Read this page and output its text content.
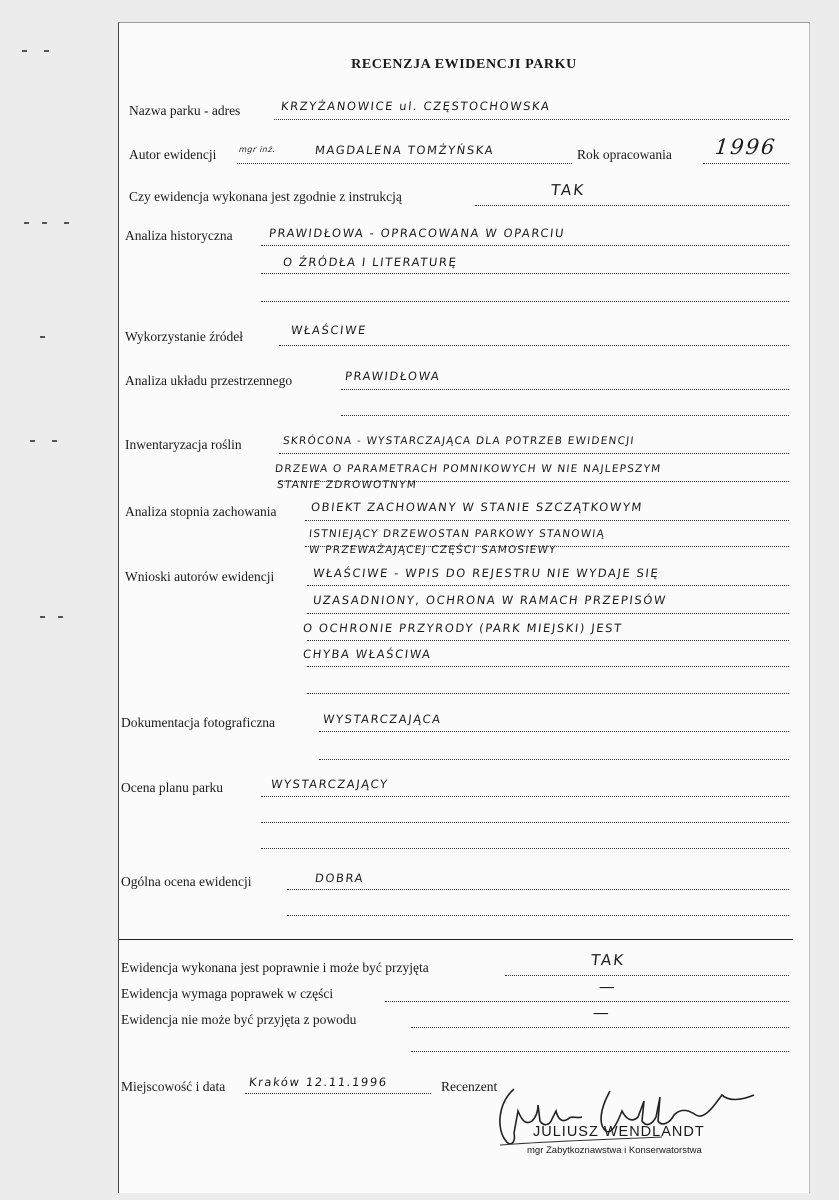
RECENZJA EWIDENCJI PARKU
Nazwa parku - adres	KRZYŻANOWICE ul. CZĘSTOCHOWSKA
Autor ewidencji	mgr inż.	MAGDALENA TOMŻYŃSKA	Rok opracowania 1996
Czy ewidencja wykonana jest zgodnie z instrukcją	TAK
Analiza historyczna	PRAWIDŁOWA - OPRACOWANA W OPARCIU
O ŹRÓDŁA I LITERATURĘ
Wykorzystanie źródeł	WŁAŚCIWE
Analiza układu przestrzennego	PRAWIDŁOWA
Inwentaryzacja roślin	SKRÓCONA - WYSTARCZAJĄCA DLA POTRZEB EWIDENCJI
DRZEWA O PARAMETRACH POMNIKOWYCH W NIE NAJLEPSZYM
STANIE ZDROWOTNYM
Analiza stopnia zachowania	OBIEKT ZACHOWANY W STANIE SZCZĄTKOWYM
ISTNIEJĄCY DRZEWOSTAN PARKOWY STANOWIĄ
W PRZEWAŻAJĄCEJ CZĘŚCI SAMOSIEWY
Wnioski autorów ewidencji	WŁAŚCIWE - WPIS DO REJESTRU NIE WYDAJE SIĘ
UZASADNIONY, OCHRONA W RAMACH PRZEPISÓW
O OCHRONIE PRZYRODY (PARK MIEJSKI) JEST
CHYBA WŁAŚCIWA
Dokumentacja fotograficzna	WYSTARCZAJĄCA
Ocena planu parku	WYSTARCZAJĄCY
Ogólna ocena ewidencji	DOBRA
Ewidencja wykonana jest poprawnie i może być przyjęta	TAK
Ewidencja wymaga poprawek w części	—
Ewidencja nie może być przyjęta z powodu	—
Miejscowość i data Kraków 12.11.1996	Recenzent
JULIUSZ WENDLANDT
mgr Zabytkoznawstwa i Konserwatorstwa
